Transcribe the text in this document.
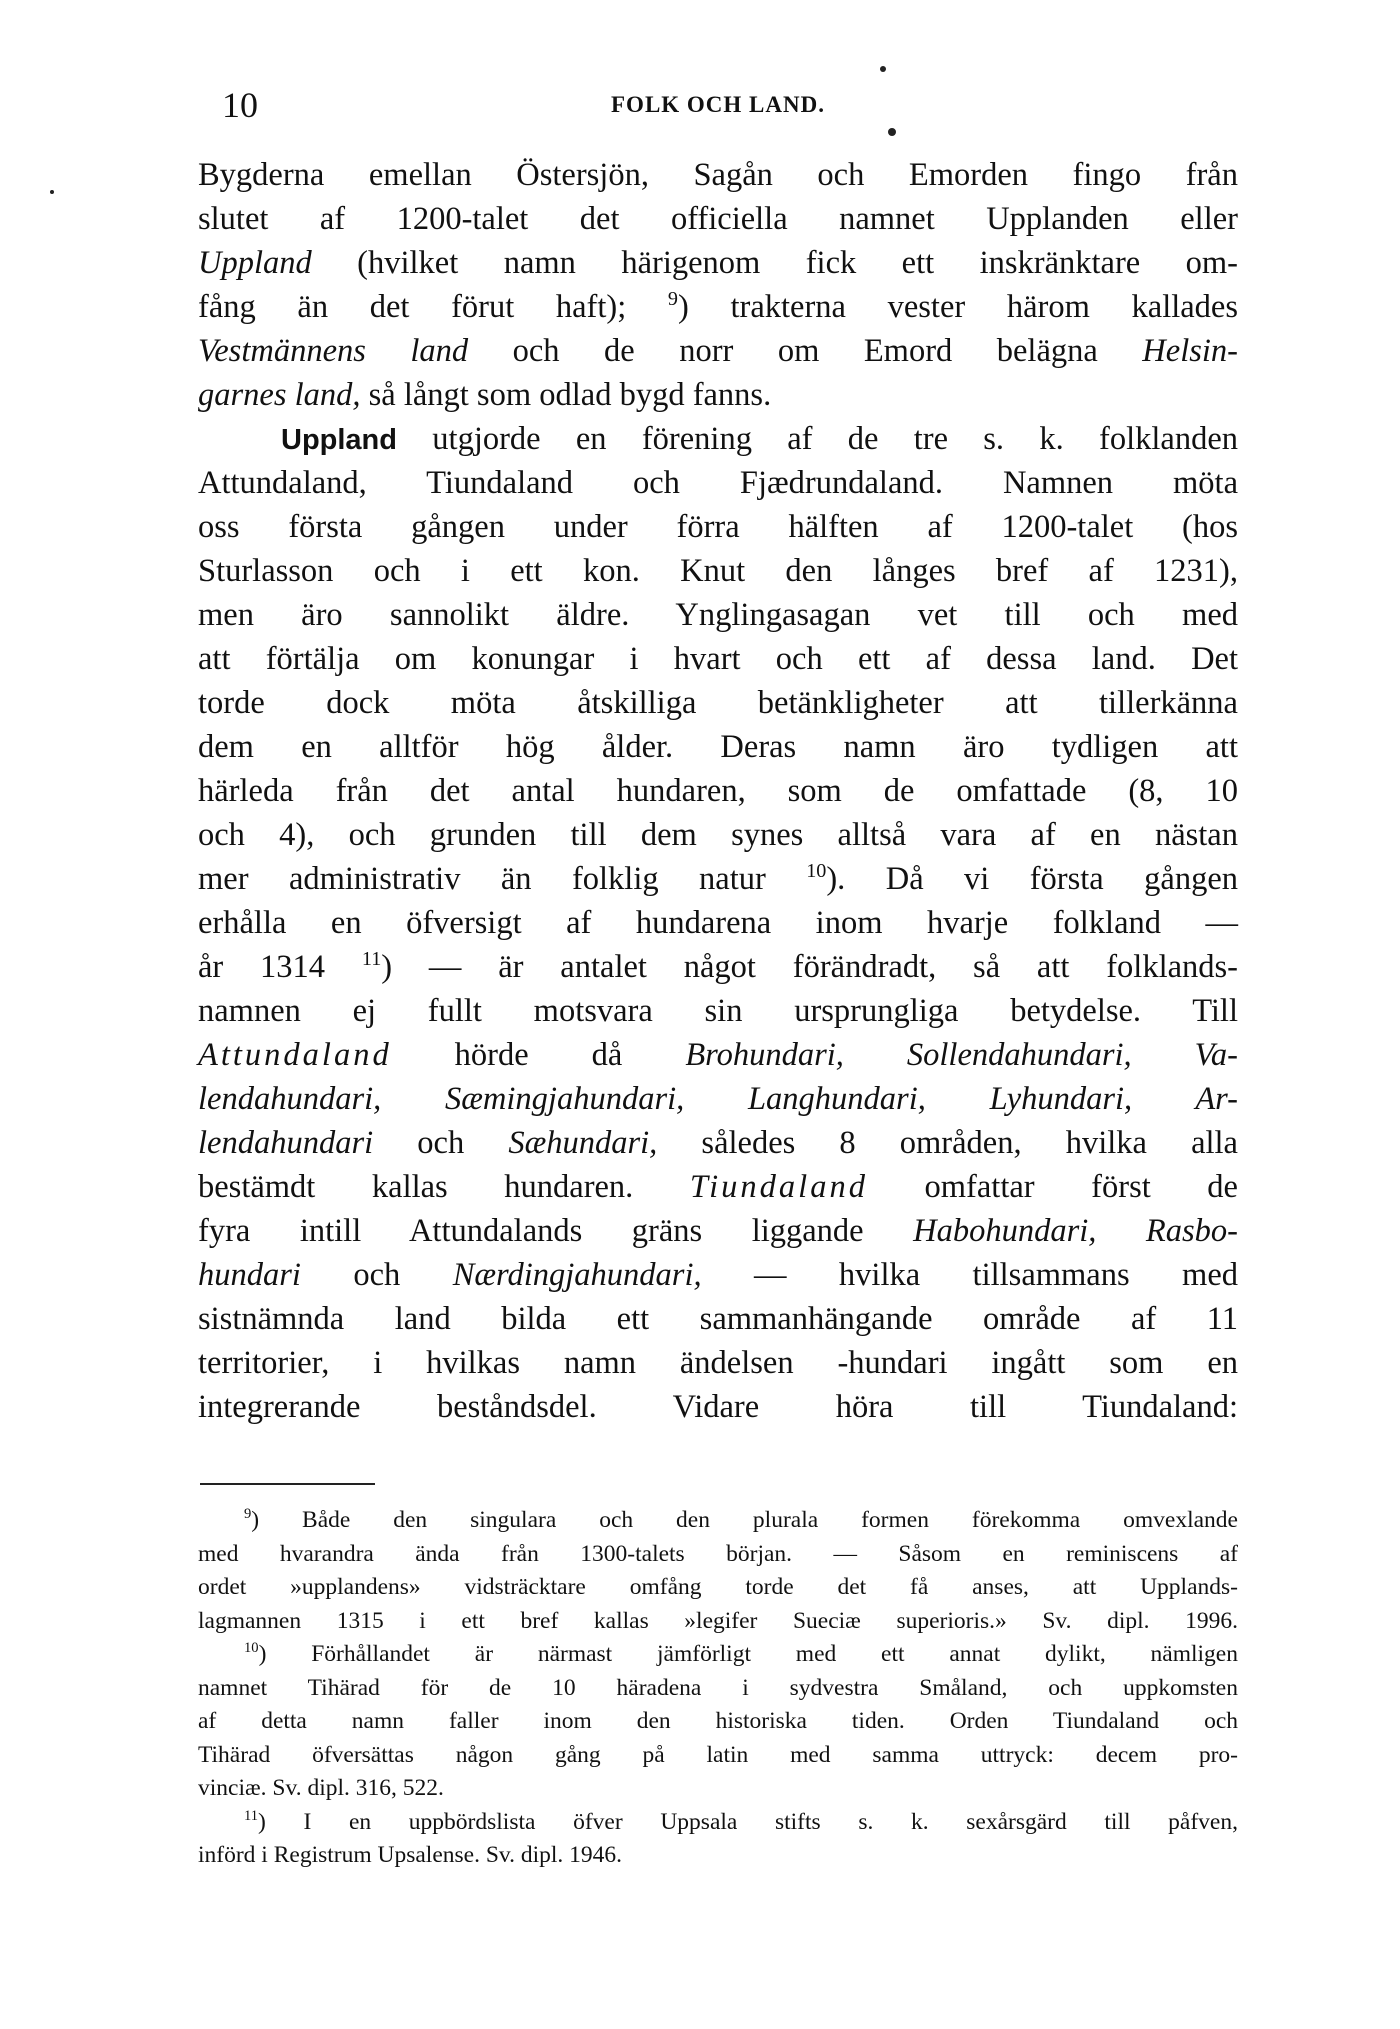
10	FOLK OCH LAND.
Bygderna emellan Östersjön, Sagån och Emorden fingo från
slutet af 1200-talet det officiella namnet Upplanden eller
Uppland (hvilket namn härigenom fick ett inskränktare om-
fång än det förut haft); $^9$) trakterna vester härom kallades
Vestmännens land och de norr om Emord belägna Helsin-
garnes land, så långt som odlad bygd fanns.
Uppland utgjorde en förening af de tre s. k. folklanden
Attundaland, Tiundaland och Fjædrundaland. Namnen möta
oss första gången under förra hälften af 1200-talet (hos
Sturlasson och i ett kon. Knut den långes bref af 1231),
men äro sannolikt äldre. Ynglingasagan vet till och med
att förtälja om konungar i hvart och ett af dessa land. Det
torde dock möta åtskilliga betänkligheter att tillerkänna
dem en alltför hög ålder. Deras namn äro tydligen att
härleda från det antal hundaren, som de omfattade (8, 10
och 4), och grunden till dem synes alltså vara af en nästan
mer administrativ än folklig natur $^{10}$). Då vi första gången
erhålla en öfversigt af hundarena inom hvarje folkland —
år 1314 $^{11}$) — är antalet något förändradt, så att folklands-
namnen ej fullt motsvara sin ursprungliga betydelse. Till
Attundaland hörde då Brohundari, Sollendahundari, Va-
lendahundari, Sæmingjahundari, Langhundari, Lyhundari, Ar-
lendahundari och Sæhundari, således 8 områden, hvilka alla
bestämdt kallas hundaren. Tiundaland omfattar först de
fyra intill Attundalands gräns liggande Habohundari, Rasbo-
hundari och Nærdingjahundari, — hvilka tillsammans med
sistnämnda land bilda ett sammanhängande område af 11
territorier, i hvilkas namn ändelsen -hundari ingått som en
integrerande beståndsdel. Vidare höra till Tiundaland:
$^9$) Både den singulara och den plurala formen förekomma omvexlande
med hvarandra ända från 1300-talets början. — Såsom en reminiscens af
ordet »upplandens» vidsträcktare omfång torde det få anses, att Upplands-
lagmannen 1315 i ett bref kallas »legifer Sueciæ superioris.» Sv. dipl. 1996.
$^{10}$) Förhållandet är närmast jämförligt med ett annat dylikt, nämligen
namnet Tihärad för de 10 häradena i sydvestra Småland, och uppkomsten
af detta namn faller inom den historiska tiden. Orden Tiundaland och
Tihärad öfversättas någon gång på latin med samma uttryck: decem pro-
vinciæ. Sv. dipl. 316, 522.
$^{11}$) I en uppbördslista öfver Uppsala stifts s. k. sexårsgärd till påfven,
införd i Registrum Upsalense. Sv. dipl. 1946.
